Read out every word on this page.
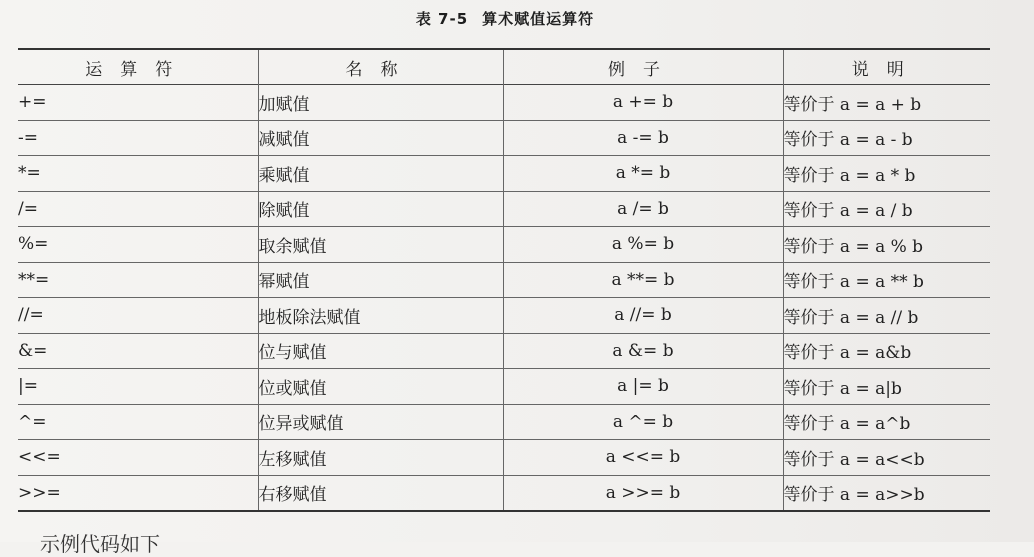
表 7-5 算术赋值运算符
运算符	名称	例子	说明
+=	加赋值	a += b	等价于 a = a + b
-=	减赋值	a -= b	等价于 a = a - b
*=	乘赋值	a *= b	等价于 a = a * b
/=	除赋值	a /= b	等价于 a = a / b
%=	取余赋值	a %= b	等价于 a = a % b
**=	幂赋值	a **= b	等价于 a = a ** b
//=	地板除法赋值	a //= b	等价于 a = a // b
&=	位与赋值	a &= b	等价于 a = a&b
|=	位或赋值	a |= b	等价于 a = a|b
^=	位异或赋值	a ^= b	等价于 a = a^b
<<=	左移赋值	a <<= b	等价于 a = a<<b
>>=	右移赋值	a >>= b	等价于 a = a>>b
示例代码如下
